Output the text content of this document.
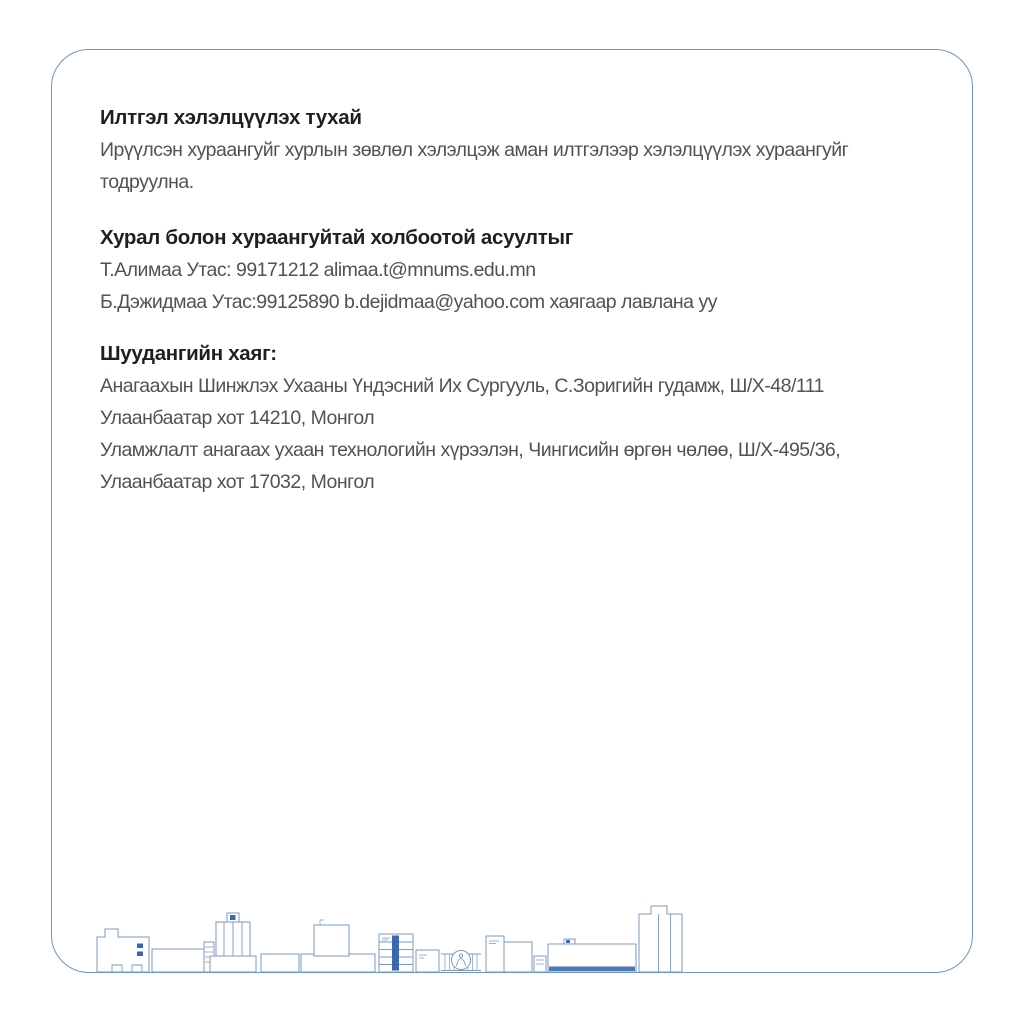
Илтгэл хэлэлцүүлэх тухай

Ирүүлсэн хураангуйг хурлын зөвлөл хэлэлцэж аман илтгэлээр хэлэлцүүлэх хураангуйг

тодруулна.

Хурал болон хураангуйтай холбоотой асуултыг

Т.Алимаа Утас: 99171212 alimaa.t@mnums.edu.mn

Б.Дэжидмаа Утас:99125890 b.dejidmaa@yahoo.com хаягаар лавлана уу

Шуудангийн хаяг:

Анагаахын Шинжлэх Ухааны Үндэсний Их Сургууль, С.Зоригийн гудамж, Ш/Х-48/111

Улаанбаатар хот 14210, Монгол

Уламжлалт анагаах ухаан технологийн хүрээлэн, Чингисийн өргөн чөлөө, Ш/Х-495/36,

Улаанбаатар хот 17032, Монгол
